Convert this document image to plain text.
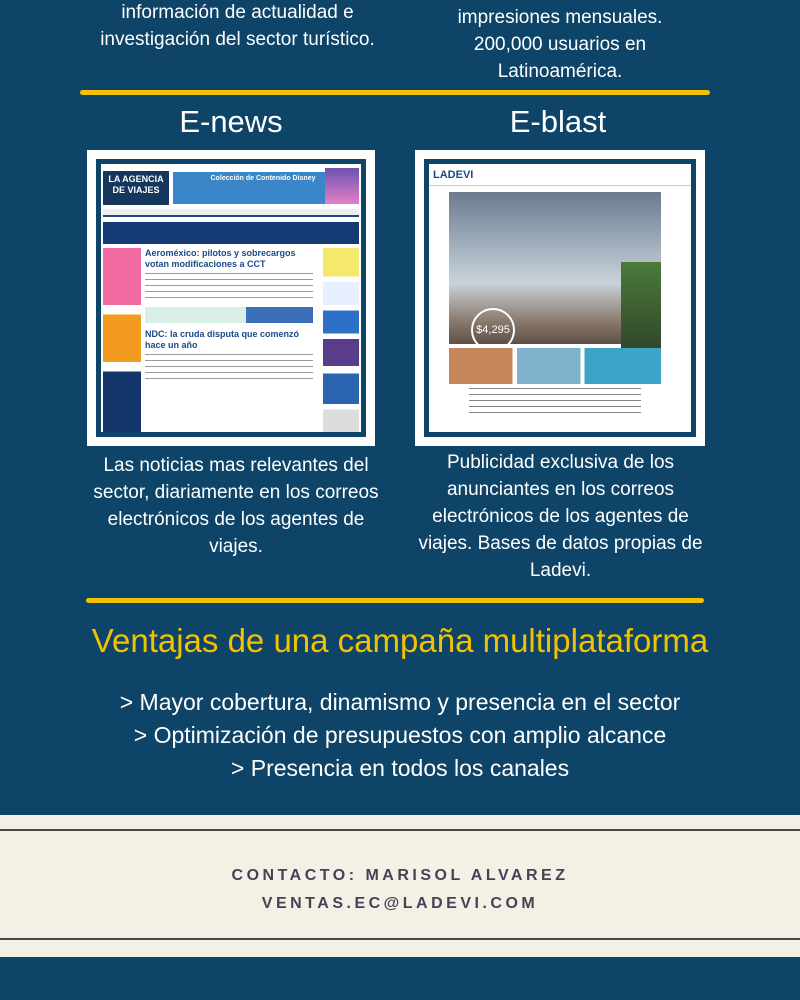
información de actualidad e
investigación del sector turístico.
impresiones mensuales.
200,000 usuarios en
Latinoamérica.
E-news	E-blast
LA AGENCIA DE VIAJES
Colección de Contenido Disney
Aeroméxico: pilotos y sobrecargos votan modificaciones a CCT
NDC: la cruda disputa que comenzó hace un año
LADEVI
$4,295
Las noticias mas relevantes del sector, diariamente en los correos electrónicos de los agentes de viajes.
Publicidad exclusiva de los anunciantes en los correos electrónicos de los agentes de viajes. Bases de datos propias de Ladevi.
Ventajas de una campaña multiplataforma
> Mayor cobertura, dinamismo y presencia en el sector
> Optimización de presupuestos con amplio alcance
> Presencia en todos los canales
CONTACTO: MARISOL ALVAREZ
VENTAS.EC@LADEVI.COM
